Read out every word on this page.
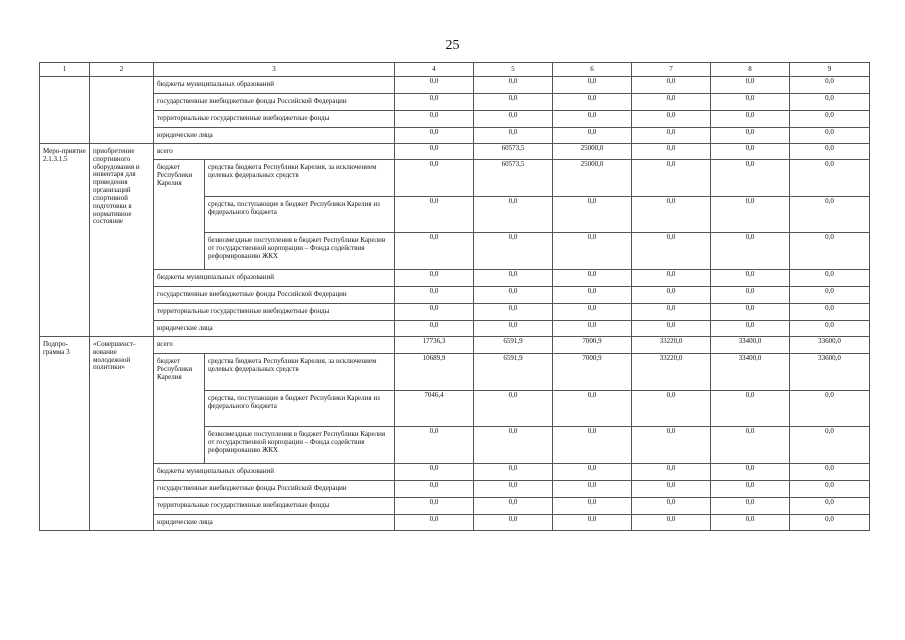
25
1	2	3		4	5	6	7	8	9
		бюджеты муниципальных образований		0,0	0,0	0,0	0,0	0,0	0,0
		государственные внебюджетные фонды Российской Федерации		0,0	0,0	0,0	0,0	0,0	0,0
		территориальные государственные внебюджетные фонды		0,0	0,0	0,0	0,0	0,0	0,0
		юридические лица		0,0	0,0	0,0	0,0	0,0	0,0
Меро-приятие 2.1.3.1.5	приобретение спортивного оборудования и инвентаря для приведения организаций спортивной подготовки в нормативное состояние	всего		0,0	60573,5	25000,0	0,0	0,0	0,0
		бюджет Республики Карелия	средства бюджета Республики Карелия, за исключением целевых федеральных средств	0,0	60573,5	25000,0	0,0	0,0	0,0
			средства, поступающие в бюджет Республики Карелия из федерального бюджета	0,0	0,0	0,0	0,0	0,0	0,0
			безвозмездные поступления в бюджет Республики Карелия от государственной корпорации – Фонда содействия реформированию ЖКХ	0,0	0,0	0,0	0,0	0,0	0,0
		бюджеты муниципальных образований		0,0	0,0	0,0	0,0	0,0	0,0
		государственные внебюджетные фонды Российской Федерации		0,0	0,0	0,0	0,0	0,0	0,0
		территориальные государственные внебюджетные фонды		0,0	0,0	0,0	0,0	0,0	0,0
		юридические лица		0,0	0,0	0,0	0,0	0,0	0,0
Подпро-грамма 3	«Совершенст-вование молодежной политики»	всего		17736,3	6591,9	7000,9	33220,0	33400,0	33600,0
		бюджет Республики Карелия	средства бюджета Республики Карелия, за исключением целевых федеральных средств	10689,9	6591,9	7000,9	33220,0	33400,0	33600,0
			средства, поступающие в бюджет Республики Карелия из федерального бюджета	7046,4	0,0	0,0	0,0	0,0	0,0
			безвозмездные поступления в бюджет Республики Карелия от государственной корпорации – Фонда содействия реформированию ЖКХ	0,0	0,0	0,0	0,0	0,0	0,0
		бюджеты муниципальных образований		0,0	0,0	0,0	0,0	0,0	0,0
		государственные внебюджетные фонды Российской Федерации		0,0	0,0	0,0	0,0	0,0	0,0
		территориальные государственные внебюджетные фонды		0,0	0,0	0,0	0,0	0,0	0,0
		юридические лица		0,0	0,0	0,0	0,0	0,0	0,0
